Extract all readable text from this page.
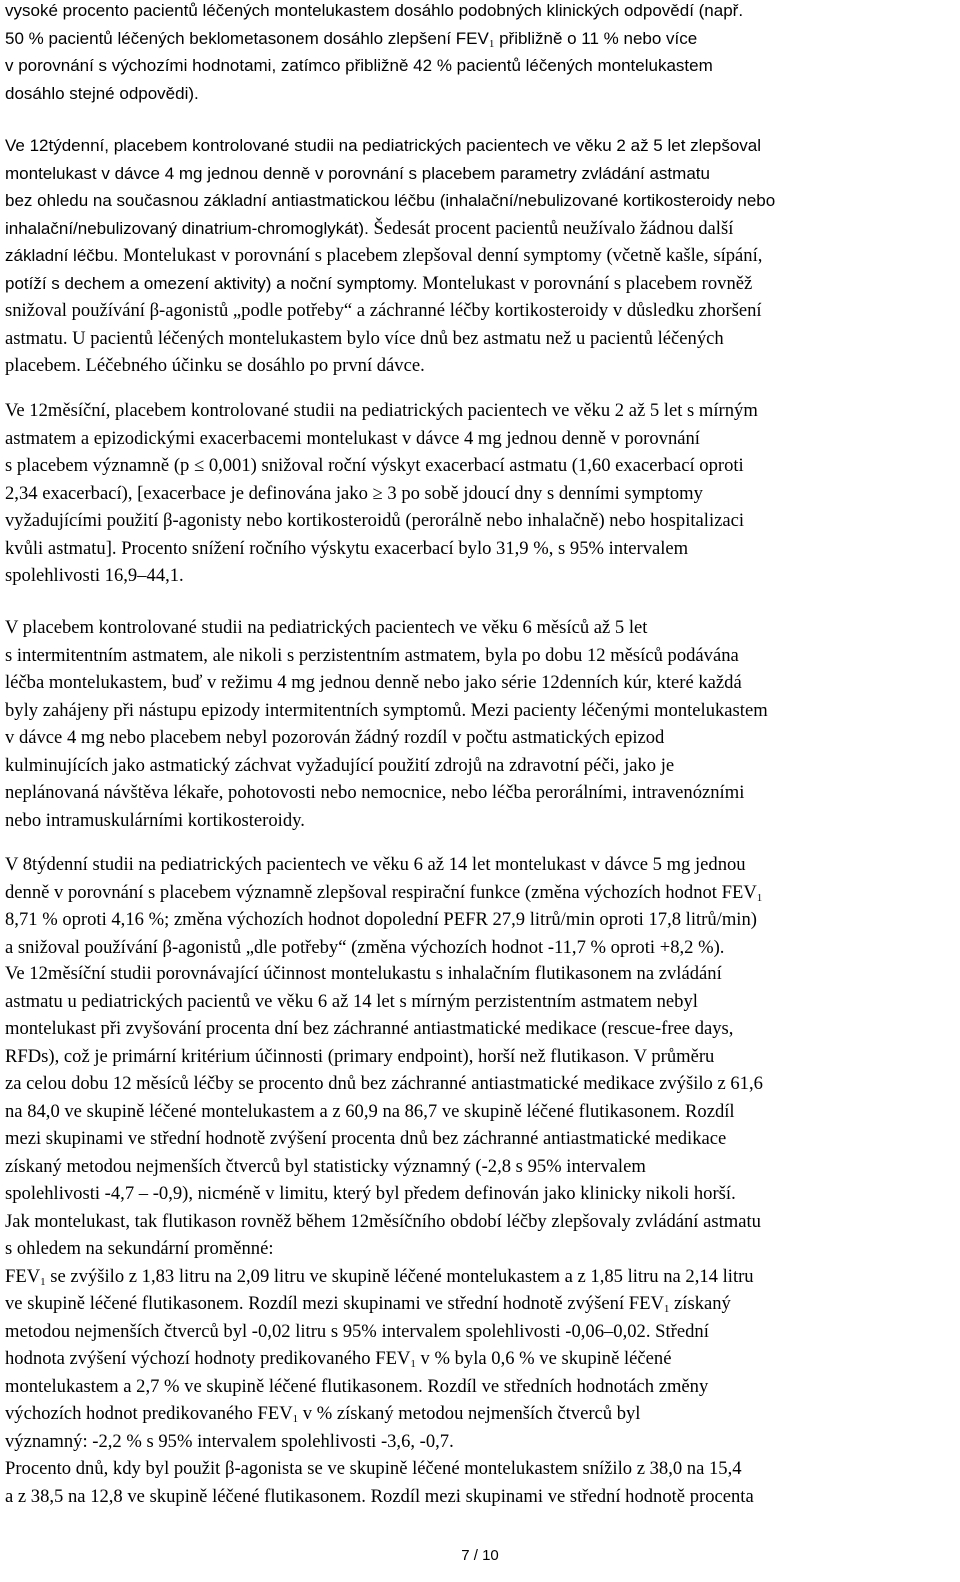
vysoké procento pacientů léčených montelukastem dosáhlo podobných klinických odpovědí (např.
50 % pacientů léčených beklometasonem dosáhlo zlepšení $FEV_1$ přibližně o 11 % nebo více
v porovnání s výchozími hodnotami, zatímco přibližně 42 % pacientů léčených montelukastem
dosáhlo stejné odpovědi).

Ve 12týdenní, placebem kontrolované studii na pediatrických pacientech ve věku 2 až 5 let zlepšoval
montelukast v dávce 4 mg jednou denně v porovnání s placebem parametry zvládání astmatu
bez ohledu na současnou základní antiastmatickou léčbu (inhalační/nebulizované kortikosteroidy nebo
inhalační/nebulizovaný dinatrium-chromoglykát). Šedesát procent pacientů neužívalo žádnou další
základní léčbu. Montelukast v porovnání s placebem zlepšoval denní symptomy (včetně kašle, sípání,
potíží s dechem a omezení aktivity) a noční symptomy. Montelukast v porovnání s placebem rovněž
snižoval používání β-agonistů „podle potřeby“ a záchranné léčby kortikosteroidy v důsledku zhoršení
astmatu. U pacientů léčených montelukastem bylo více dnů bez astmatu než u pacientů léčených
placebem. Léčebného účinku se dosáhlo po první dávce.

Ve 12měsíční, placebem kontrolované studii na pediatrických pacientech ve věku 2 až 5 let s mírným
astmatem a epizodickými exacerbacemi montelukast v dávce 4 mg jednou denně v porovnání
s placebem významně (p ≤ 0,001) snižoval roční výskyt exacerbací astmatu (1,60 exacerbací oproti
2,34 exacerbací), [exacerbace je definována jako ≥ 3 po sobě jdoucí dny s denními symptomy
vyžadujícími použití β-agonisty nebo kortikosteroidů (perorálně nebo inhalačně) nebo hospitalizaci
kvůli astmatu]. Procento snížení ročního výskytu exacerbací bylo 31,9 %, s 95% intervalem
spolehlivosti 16,9–44,1.

V placebem kontrolované studii na pediatrických pacientech ve věku 6 měsíců až 5 let
s intermitentním astmatem, ale nikoli s perzistentním astmatem, byla po dobu 12 měsíců podávána
léčba montelukastem, buď v režimu 4 mg jednou denně nebo jako série 12denních kúr, které každá
byly zahájeny při nástupu epizody intermitentních symptomů. Mezi pacienty léčenými montelukastem
v dávce 4 mg nebo placebem nebyl pozorován žádný rozdíl v počtu astmatických epizod
kulminujících jako astmatický záchvat vyžadující použití zdrojů na zdravotní péči, jako je
neplánovaná návštěva lékaře, pohotovosti nebo nemocnice, nebo léčba perorálními, intravenózními
nebo intramuskulárními kortikosteroidy.

V 8týdenní studii na pediatrických pacientech ve věku 6 až 14 let montelukast v dávce 5 mg jednou
denně v porovnání s placebem významně zlepšoval respirační funkce (změna výchozích hodnot $FEV_1$
8,71 % oproti 4,16 %; změna výchozích hodnot dopolední PEFR 27,9 litrů/min oproti 17,8 litrů/min)
a snižoval používání β-agonistů „dle potřeby“ (změna výchozích hodnot -11,7 % oproti +8,2 %).

Ve 12měsíční studii porovnávající účinnost montelukastu s inhalačním flutikasonem na zvládání
astmatu u pediatrických pacientů ve věku 6 až 14 let s mírným perzistentním astmatem nebyl
montelukast při zvyšování procenta dní bez záchranné antiastmatické medikace (rescue-free days,
RFDs), což je primární kritérium účinnosti (primary endpoint), horší než flutikason. V průměru
za celou dobu 12 měsíců léčby se procento dnů bez záchranné antiastmatické medikace zvýšilo z 61,6
na 84,0 ve skupině léčené montelukastem a z 60,9 na 86,7 ve skupině léčené flutikasonem. Rozdíl
mezi skupinami ve střední hodnotě zvýšení procenta dnů bez záchranné antiastmatické medikace
získaný metodou nejmenších čtverců byl statisticky významný (-2,8 s 95% intervalem
spolehlivosti -4,7 – -0,9), nicméně v limitu, který byl předem definován jako klinicky nikoli horší.
Jak montelukast, tak flutikason rovněž během 12měsíčního období léčby zlepšovaly zvládání astmatu
s ohledem na sekundární proměnné:
$FEV_1$ se zvýšilo z 1,83 litru na 2,09 litru ve skupině léčené montelukastem a z 1,85 litru na 2,14 litru
ve skupině léčené flutikasonem. Rozdíl mezi skupinami ve střední hodnotě zvýšení $FEV_1$ získaný
metodou nejmenších čtverců byl -0,02 litru s 95% intervalem spolehlivosti -0,06–0,02. Střední
hodnota zvýšení výchozí hodnoty predikovaného $FEV_1$ v % byla 0,6 % ve skupině léčené
montelukastem a 2,7 % ve skupině léčené flutikasonem. Rozdíl ve středních hodnotách změny
výchozích hodnot predikovaného $FEV_1$ v % získaný metodou nejmenších čtverců byl
významný: -2,2 % s 95% intervalem spolehlivosti -3,6, -0,7.
Procento dnů, kdy byl použit β-agonista se ve skupině léčené montelukastem snížilo z 38,0 na 15,4
a z 38,5 na 12,8 ve skupině léčené flutikasonem. Rozdíl mezi skupinami ve střední hodnotě procenta

7 / 10
